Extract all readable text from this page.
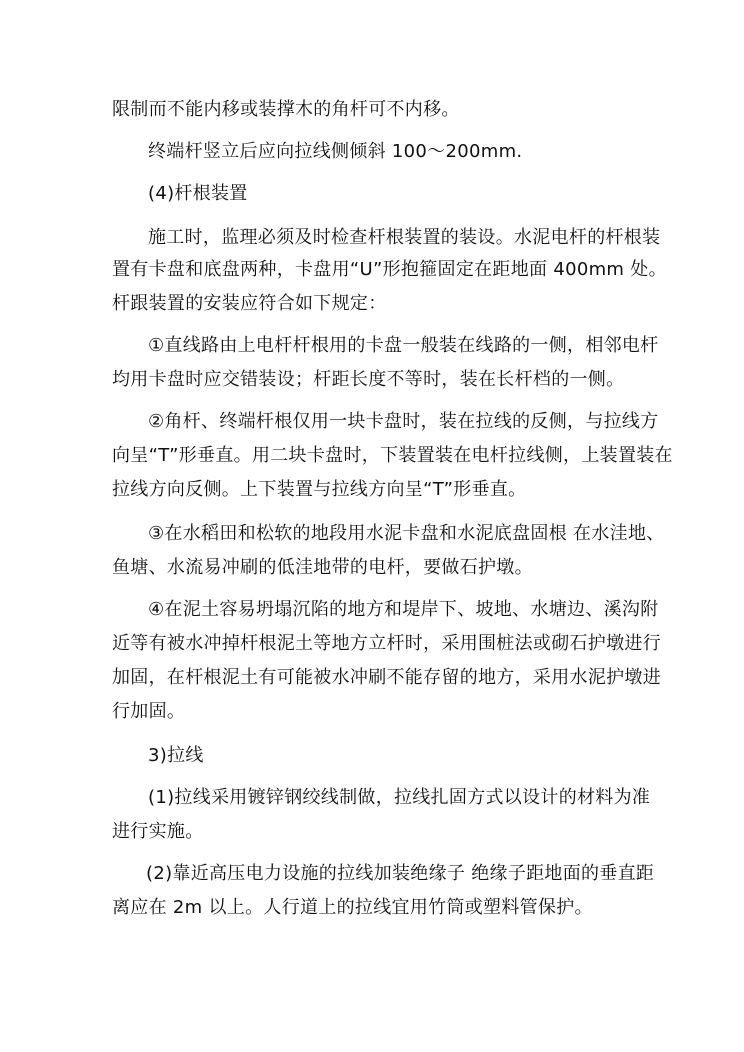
限制而不能内移或装撑木的角杆可不内移。
终端杆竖立后应向拉线侧倾斜 100～200mm.
(4)杆根装置
施工时，监理必须及时检查杆根装置的装设。水泥电杆的杆根装
置有卡盘和底盘两种，卡盘用“U”形抱箍固定在距地面 400mm 处。
杆跟装置的安装应符合如下规定：
①直线路由上电杆杆根用的卡盘一般装在线路的一侧，相邻电杆
均用卡盘时应交错装设；杆距长度不等时，装在长杆档的一侧。
②角杆、终端杆根仅用一块卡盘时，装在拉线的反侧，与拉线方
向呈“T”形垂直。用二块卡盘时，下装置装在电杆拉线侧，上装置装在
拉线方向反侧。上下装置与拉线方向呈“T”形垂直。
③在水稻田和松软的地段用水泥卡盘和水泥底盘固根 在水洼地、
鱼塘、水流易冲刷的低洼地带的电杆，要做石护墩。
④在泥土容易坍塌沉陷的地方和堤岸下、坡地、水塘边、溪沟附
近等有被水冲掉杆根泥土等地方立杆时，采用围桩法或砌石护墩进行
加固，在杆根泥土有可能被水冲刷不能存留的地方，采用水泥护墩进
行加固。
3)拉线
(1)拉线采用镀锌钢绞线制做，拉线扎固方式以设计的材料为准
进行实施。
(2)靠近高压电力设施的拉线加装绝缘子 绝缘子距地面的垂直距
离应在 2m 以上。人行道上的拉线宜用竹筒或塑料管保护。
